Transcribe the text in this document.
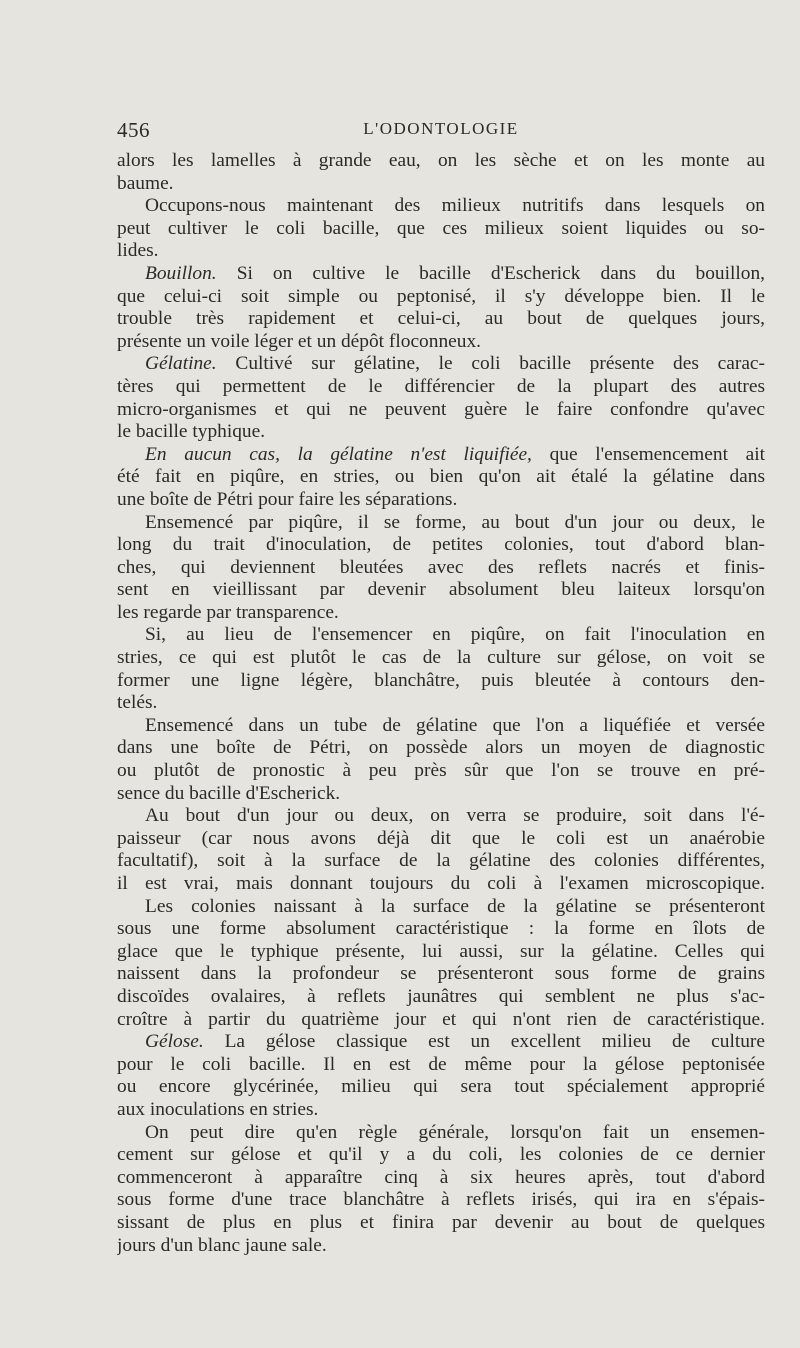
456	L'ODONTOLOGIE
alors les lamelles à grande eau, on les sèche et on les monte au
baume.
Occupons-nous maintenant des milieux nutritifs dans lesquels on
peut cultiver le coli bacille, que ces milieux soient liquides ou so-
lides.
Bouillon. Si on cultive le bacille d'Escherick dans du bouillon,
que celui-ci soit simple ou peptonisé, il s'y développe bien. Il le
trouble très rapidement et celui-ci, au bout de quelques jours,
présente un voile léger et un dépôt floconneux.
Gélatine. Cultivé sur gélatine, le coli bacille présente des carac-
tères qui permettent de le différencier de la plupart des autres
micro-organismes et qui ne peuvent guère le faire confondre qu'avec
le bacille typhique.
En aucun cas, la gélatine n'est liquifiée, que l'ensemencement ait
été fait en piqûre, en stries, ou bien qu'on ait étalé la gélatine dans
une boîte de Pétri pour faire les séparations.
Ensemencé par piqûre, il se forme, au bout d'un jour ou deux, le
long du trait d'inoculation, de petites colonies, tout d'abord blan-
ches, qui deviennent bleutées avec des reflets nacrés et finis-
sent en vieillissant par devenir absolument bleu laiteux lorsqu'on
les regarde par transparence.
Si, au lieu de l'ensemencer en piqûre, on fait l'inoculation en
stries, ce qui est plutôt le cas de la culture sur gélose, on voit se
former une ligne légère, blanchâtre, puis bleutée à contours den-
telés.
Ensemencé dans un tube de gélatine que l'on a liquéfiée et versée
dans une boîte de Pétri, on possède alors un moyen de diagnostic
ou plutôt de pronostic à peu près sûr que l'on se trouve en pré-
sence du bacille d'Escherick.
Au bout d'un jour ou deux, on verra se produire, soit dans l'é-
paisseur (car nous avons déjà dit que le coli est un anaérobie
facultatif), soit à la surface de la gélatine des colonies différentes,
il est vrai, mais donnant toujours du coli à l'examen microscopique.
Les colonies naissant à la surface de la gélatine se présenteront
sous une forme absolument caractéristique : la forme en îlots de
glace que le typhique présente, lui aussi, sur la gélatine. Celles qui
naissent dans la profondeur se présenteront sous forme de grains
discoïdes ovalaires, à reflets jaunâtres qui semblent ne plus s'ac-
croître à partir du quatrième jour et qui n'ont rien de caractéristique.
Gélose. La gélose classique est un excellent milieu de culture
pour le coli bacille. Il en est de même pour la gélose peptonisée
ou encore glycérinée, milieu qui sera tout spécialement approprié
aux inoculations en stries.
On peut dire qu'en règle générale, lorsqu'on fait un ensemen-
cement sur gélose et qu'il y a du coli, les colonies de ce dernier
commenceront à apparaître cinq à six heures après, tout d'abord
sous forme d'une trace blanchâtre à reflets irisés, qui ira en s'épais-
sissant de plus en plus et finira par devenir au bout de quelques
jours d'un blanc jaune sale.
